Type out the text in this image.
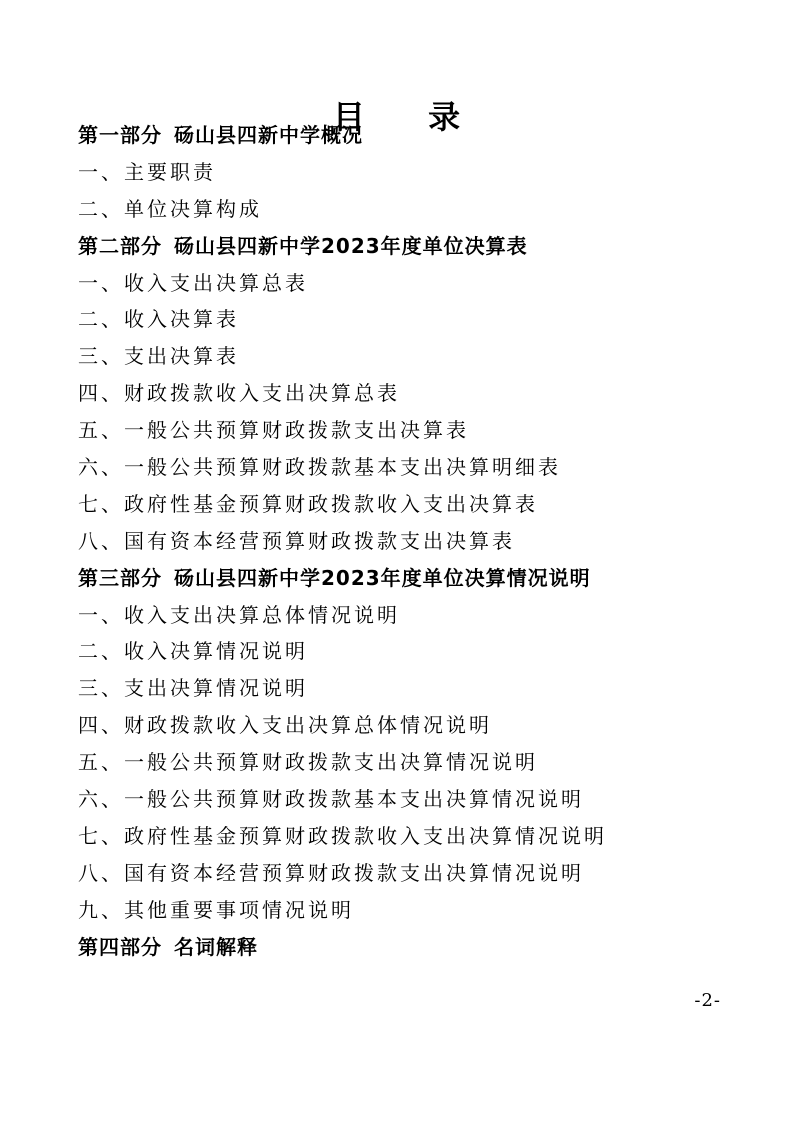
目 录
第一部分 砀山县四新中学概况
一、主要职责
二、单位决算构成
第二部分 砀山县四新中学2023年度单位决算表
一、收入支出决算总表
二、收入决算表
三、支出决算表
四、财政拨款收入支出决算总表
五、一般公共预算财政拨款支出决算表
六、一般公共预算财政拨款基本支出决算明细表
七、政府性基金预算财政拨款收入支出决算表
八、国有资本经营预算财政拨款支出决算表
第三部分 砀山县四新中学2023年度单位决算情况说明
一、收入支出决算总体情况说明
二、收入决算情况说明
三、支出决算情况说明
四、财政拨款收入支出决算总体情况说明
五、一般公共预算财政拨款支出决算情况说明
六、一般公共预算财政拨款基本支出决算情况说明
七、政府性基金预算财政拨款收入支出决算情况说明
八、国有资本经营预算财政拨款支出决算情况说明
九、其他重要事项情况说明
第四部分 名词解释
-2-
